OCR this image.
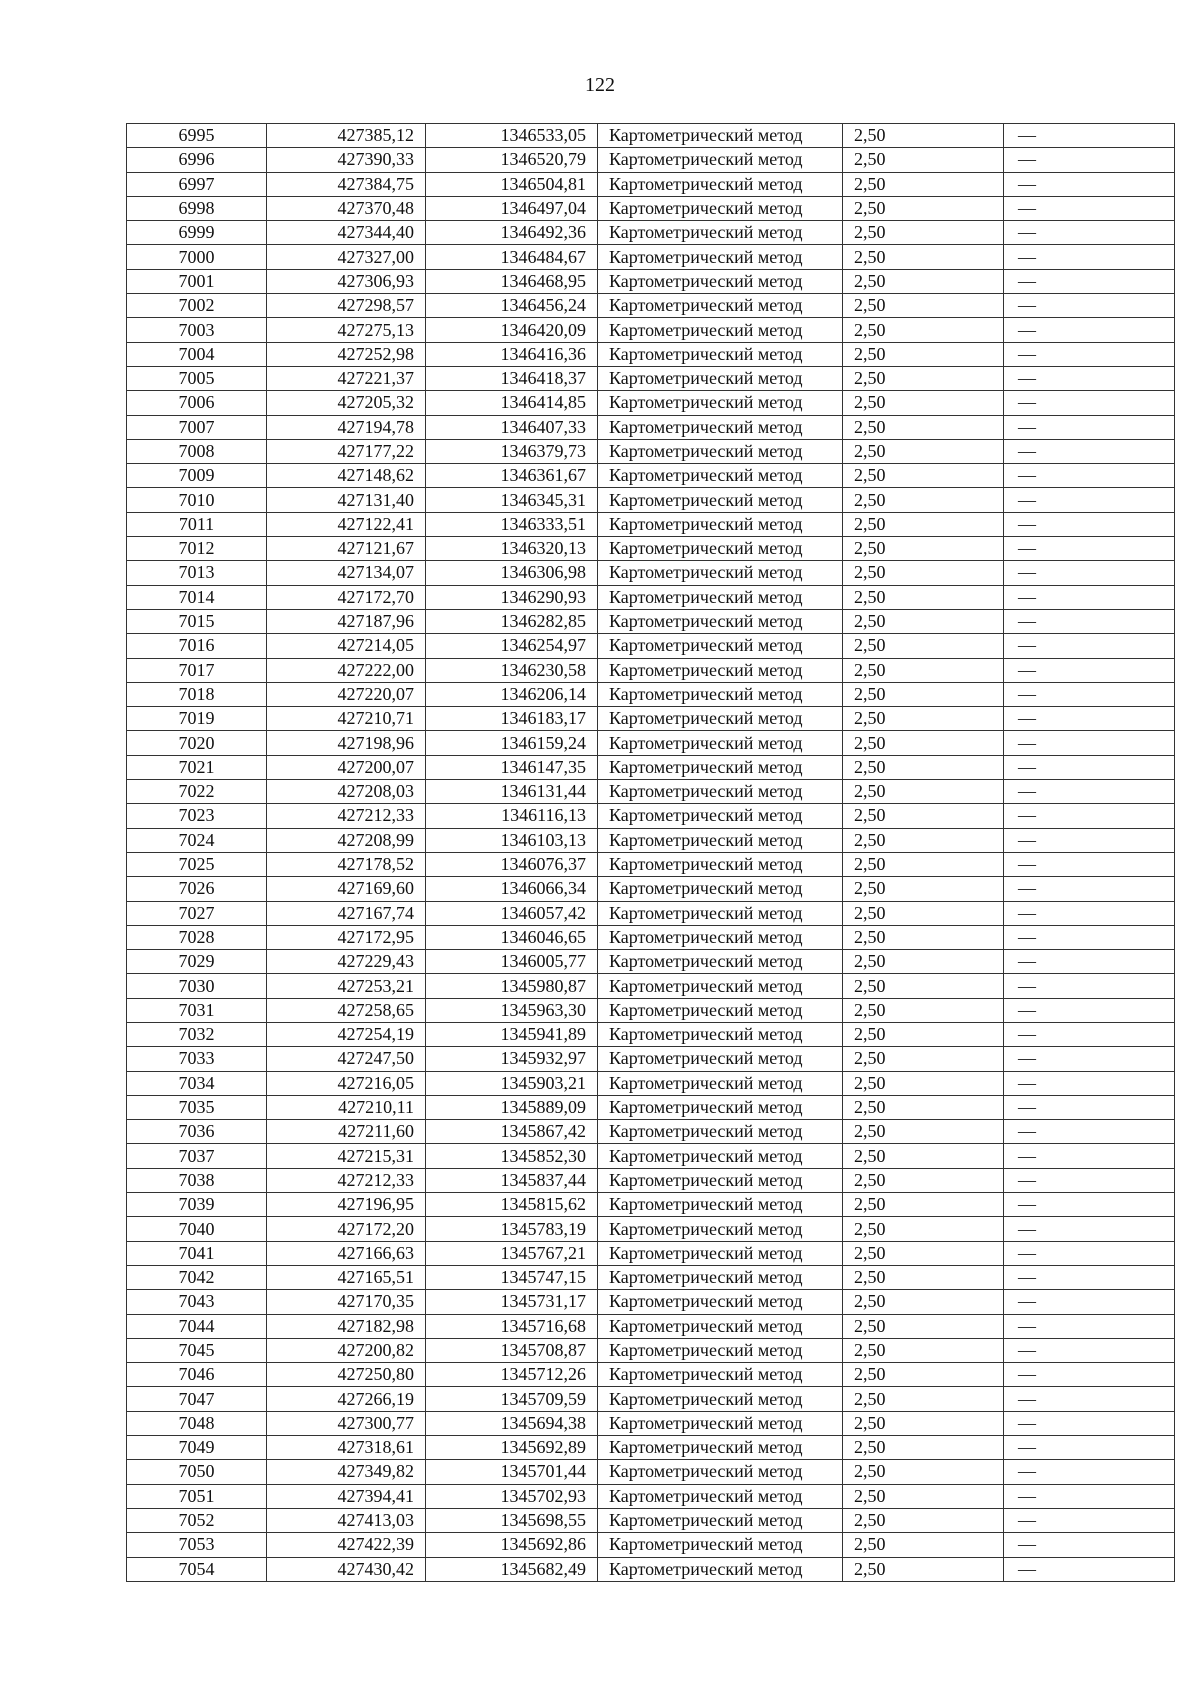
122
6995	427385,12	1346533,05	Картометрический метод	2,50	—
6996	427390,33	1346520,79	Картометрический метод	2,50	—
6997	427384,75	1346504,81	Картометрический метод	2,50	—
6998	427370,48	1346497,04	Картометрический метод	2,50	—
6999	427344,40	1346492,36	Картометрический метод	2,50	—
7000	427327,00	1346484,67	Картометрический метод	2,50	—
7001	427306,93	1346468,95	Картометрический метод	2,50	—
7002	427298,57	1346456,24	Картометрический метод	2,50	—
7003	427275,13	1346420,09	Картометрический метод	2,50	—
7004	427252,98	1346416,36	Картометрический метод	2,50	—
7005	427221,37	1346418,37	Картометрический метод	2,50	—
7006	427205,32	1346414,85	Картометрический метод	2,50	—
7007	427194,78	1346407,33	Картометрический метод	2,50	—
7008	427177,22	1346379,73	Картометрический метод	2,50	—
7009	427148,62	1346361,67	Картометрический метод	2,50	—
7010	427131,40	1346345,31	Картометрический метод	2,50	—
7011	427122,41	1346333,51	Картометрический метод	2,50	—
7012	427121,67	1346320,13	Картометрический метод	2,50	—
7013	427134,07	1346306,98	Картометрический метод	2,50	—
7014	427172,70	1346290,93	Картометрический метод	2,50	—
7015	427187,96	1346282,85	Картометрический метод	2,50	—
7016	427214,05	1346254,97	Картометрический метод	2,50	—
7017	427222,00	1346230,58	Картометрический метод	2,50	—
7018	427220,07	1346206,14	Картометрический метод	2,50	—
7019	427210,71	1346183,17	Картометрический метод	2,50	—
7020	427198,96	1346159,24	Картометрический метод	2,50	—
7021	427200,07	1346147,35	Картометрический метод	2,50	—
7022	427208,03	1346131,44	Картометрический метод	2,50	—
7023	427212,33	1346116,13	Картометрический метод	2,50	—
7024	427208,99	1346103,13	Картометрический метод	2,50	—
7025	427178,52	1346076,37	Картометрический метод	2,50	—
7026	427169,60	1346066,34	Картометрический метод	2,50	—
7027	427167,74	1346057,42	Картометрический метод	2,50	—
7028	427172,95	1346046,65	Картометрический метод	2,50	—
7029	427229,43	1346005,77	Картометрический метод	2,50	—
7030	427253,21	1345980,87	Картометрический метод	2,50	—
7031	427258,65	1345963,30	Картометрический метод	2,50	—
7032	427254,19	1345941,89	Картометрический метод	2,50	—
7033	427247,50	1345932,97	Картометрический метод	2,50	—
7034	427216,05	1345903,21	Картометрический метод	2,50	—
7035	427210,11	1345889,09	Картометрический метод	2,50	—
7036	427211,60	1345867,42	Картометрический метод	2,50	—
7037	427215,31	1345852,30	Картометрический метод	2,50	—
7038	427212,33	1345837,44	Картометрический метод	2,50	—
7039	427196,95	1345815,62	Картометрический метод	2,50	—
7040	427172,20	1345783,19	Картометрический метод	2,50	—
7041	427166,63	1345767,21	Картометрический метод	2,50	—
7042	427165,51	1345747,15	Картометрический метод	2,50	—
7043	427170,35	1345731,17	Картометрический метод	2,50	—
7044	427182,98	1345716,68	Картометрический метод	2,50	—
7045	427200,82	1345708,87	Картометрический метод	2,50	—
7046	427250,80	1345712,26	Картометрический метод	2,50	—
7047	427266,19	1345709,59	Картометрический метод	2,50	—
7048	427300,77	1345694,38	Картометрический метод	2,50	—
7049	427318,61	1345692,89	Картометрический метод	2,50	—
7050	427349,82	1345701,44	Картометрический метод	2,50	—
7051	427394,41	1345702,93	Картометрический метод	2,50	—
7052	427413,03	1345698,55	Картометрический метод	2,50	—
7053	427422,39	1345692,86	Картометрический метод	2,50	—
7054	427430,42	1345682,49	Картометрический метод	2,50	—
